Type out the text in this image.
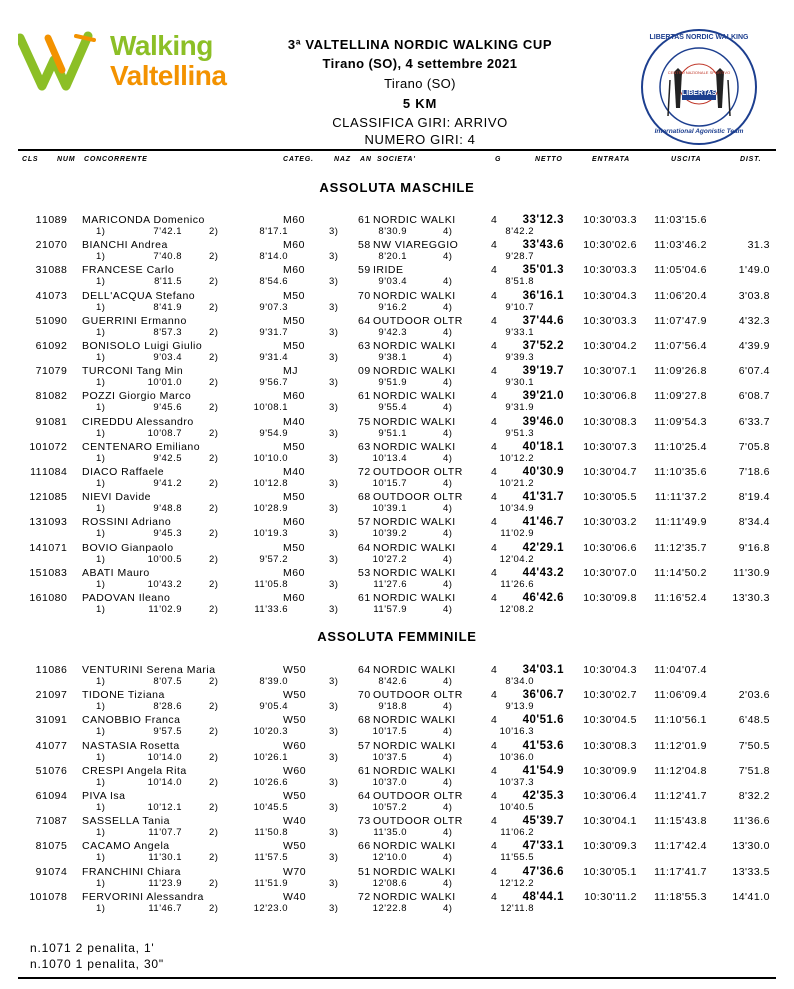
Walking
Valtellina
LIBERTAS NORDIC WALKING
International Agonistic Team
CENTRO NAZIONALE SPORTIVO
LIBERTAS
3ª VALTELLINA NORDIC WALKING CUP
Tirano (SO), 4 settembre 2021
Tirano (SO)
5 KM
CLASSIFICA GIRI: ARRIVO
NUMERO GIRI: 4
CLS	NUM CONCORRENTE	CATEG.	NAZ AN SOCIETA'	G	NETTO	ENTRATA	USCITA	DIST.
ASSOLUTA MASCHILE
1 1089 MARICONDA Domenico	M60	61 NORDIC WALKI	4 33'12.3 10:30'03.3 11:03'15.6
1)	7'42.1	2)	8'17.1	3)	8'30.9	4)	8'42.2
2 1070 BIANCHI Andrea	M60	58 NW VIAREGGIO	4 33'43.6 10:30'02.6 11:03'46.2	31.3
1)	7'40.8	2)	8'14.0	3)	8'20.1	4)	9'28.7
3 1088 FRANCESE Carlo	M60	59 IRIDE	4 35'01.3 10:30'03.3 11:05'04.6	1'49.0
1)	8'11.5	2)	8'54.6	3)	9'03.4	4)	8'51.8
4 1073 DELL'ACQUA Stefano	M50	70 NORDIC WALKI	4 36'16.1 10:30'04.3 11:06'20.4	3'03.8
1)	8'41.9	2)	9'07.3	3)	9'16.2	4)	9'10.7
5 1090 GUERRINI Ermanno	M50	64 OUTDOOR OLTR	4 37'44.6 10:30'03.3 11:07'47.9	4'32.3
1)	8'57.3	2)	9'31.7	3)	9'42.3	4)	9'33.1
6 1092 BONISOLO Luigi Giulio	M50	63 NORDIC WALKI	4 37'52.2 10:30'04.2 11:07'56.4	4'39.9
1)	9'03.4	2)	9'31.4	3)	9'38.1	4)	9'39.3
7 1079 TURCONI Tang Min	MJ	09 NORDIC WALKI	4 39'19.7 10:30'07.1 11:09'26.8	6'07.4
1)	10'01.0	2)	9'56.7	3)	9'51.9	4)	9'30.1
8 1082 POZZI Giorgio Marco	M60	61 NORDIC WALKI	4 39'21.0 10:30'06.8 11:09'27.8	6'08.7
1)	9'45.6	2)	10'08.1	3)	9'55.4	4)	9'31.9
9 1081 CIREDDU Alessandro	M40	75 NORDIC WALKI	4 39'46.0 10:30'08.3 11:09'54.3	6'33.7
1)	10'08.7	2)	9'54.9	3)	9'51.1	4)	9'51.3
10 1072 CENTENARO Emiliano	M50	63 NORDIC WALKI	4 40'18.1 10:30'07.3 11:10'25.4	7'05.8
1)	9'42.5	2)	10'10.0	3)	10'13.4	4)	10'12.2
11 1084 DIACO Raffaele	M40	72 OUTDOOR OLTR	4 40'30.9 10:30'04.7 11:10'35.6	7'18.6
1)	9'41.2	2)	10'12.8	3)	10'15.7	4)	10'21.2
12 1085 NIEVI Davide	M50	68 OUTDOOR OLTR	4 41'31.7 10:30'05.5 11:11'37.2	8'19.4
1)	9'48.8	2)	10'28.9	3)	10'39.1	4)	10'34.9
13 1093 ROSSINI Adriano	M60	57 NORDIC WALKI	4 41'46.7 10:30'03.2 11:11'49.9	8'34.4
1)	9'45.3	2)	10'19.3	3)	10'39.2	4)	11'02.9
14 1071 BOVIO Gianpaolo	M50	64 NORDIC WALKI	4 42'29.1 10:30'06.6 11:12'35.7	9'16.8
1)	10'00.5	2)	9'57.2	3)	10'27.2	4)	12'04.2
15 1083 ABATI Mauro	M60	53 NORDIC WALKI	4 44'43.2 10:30'07.0 11:14'50.2 11'30.9
1)	10'43.2	2)	11'05.8	3)	11'27.6	4)	11'26.6
16 1080 PADOVAN Ileano	M60	61 NORDIC WALKI	4 46'42.6 10:30'09.8 11:16'52.4 13'30.3
1)	11'02.9	2)	11'33.6	3)	11'57.9	4)	12'08.2
ASSOLUTA FEMMINILE
1 1086 VENTURINI Serena Maria	W50	64 NORDIC WALKI	4 34'03.1 10:30'04.3 11:04'07.4
1)	8'07.5	2)	8'39.0	3)	8'42.6	4)	8'34.0
2 1097 TIDONE Tiziana	W50	70 OUTDOOR OLTR	4 36'06.7 10:30'02.7 11:06'09.4	2'03.6
1)	8'28.6	2)	9'05.4	3)	9'18.8	4)	9'13.9
3 1091 CANOBBIO Franca	W50	68 NORDIC WALKI	4 40'51.6 10:30'04.5 11:10'56.1	6'48.5
1)	9'57.5	2)	10'20.3	3)	10'17.5	4)	10'16.3
4 1077 NASTASIA Rosetta	W60	57 NORDIC WALKI	4 41'53.6 10:30'08.3 11:12'01.9	7'50.5
1)	10'14.0	2)	10'26.1	3)	10'37.5	4)	10'36.0
5 1076 CRESPI Angela Rita	W60	61 NORDIC WALKI	4 41'54.9 10:30'09.9 11:12'04.8	7'51.8
1)	10'14.0	2)	10'26.6	3)	10'37.0	4)	10'37.3
6 1094 PIVA Isa	W50	64 OUTDOOR OLTR	4 42'35.3 10:30'06.4 11:12'41.7	8'32.2
1)	10'12.1	2)	10'45.5	3)	10'57.2	4)	10'40.5
7 1087 SASSELLA Tania	W40	73 OUTDOOR OLTR	4 45'39.7 10:30'04.1 11:15'43.8 11'36.6
1)	11'07.7	2)	11'50.8	3)	11'35.0	4)	11'06.2
8 1075 CACAMO Angela	W50	66 NORDIC WALKI	4 47'33.1 10:30'09.3 11:17'42.4 13'30.0
1)	11'30.1	2)	11'57.5	3)	12'10.0	4)	11'55.5
9 1074 FRANCHINI Chiara	W70	51 NORDIC WALKI	4 47'36.6 10:30'05.1 11:17'41.7 13'33.5
1)	11'23.9	2)	11'51.9	3)	12'08.6	4)	12'12.2
10 1078 FERVORINI Alessandra	W40	72 NORDIC WALKI	4 48'44.1 10:30'11.2 11:18'55.3 14'41.0
1)	11'46.7	2)	12'23.0	3)	12'22.8	4)	12'11.8
n.1071 2 penalita, 1'
n.1070 1 penalita, 30"
